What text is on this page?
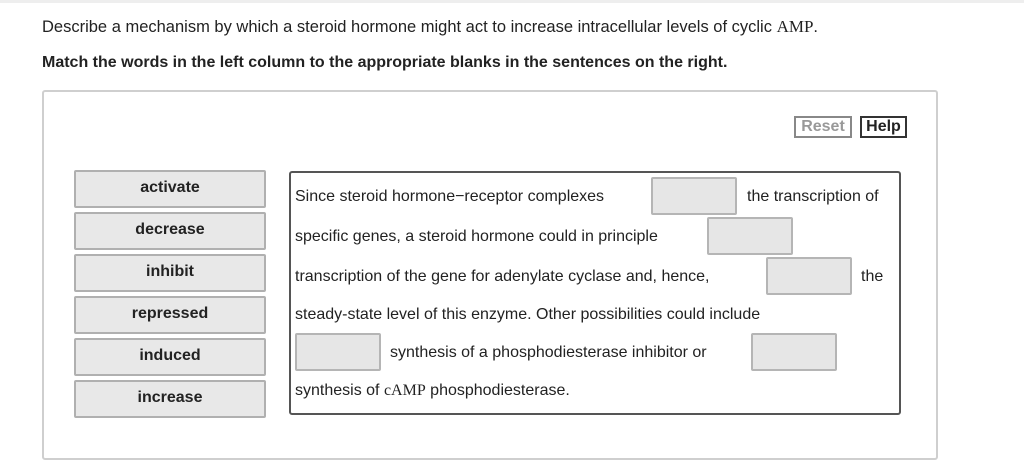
Describe a mechanism by which a steroid hormone might act to increase intracellular levels of cyclic AMP.
Match the words in the left column to the appropriate blanks in the sentences on the right.
Reset	Help
activate
decrease
inhibit
repressed
induced
increase
Since steroid hormone−receptor complexes	the transcription of
specific genes, a steroid hormone could in principle
transcription of the gene for adenylate cyclase and, hence,	the
steady-state level of this enzyme. Other possibilities could include
synthesis of a phosphodiesterase inhibitor or
synthesis of cAMP phosphodiesterase.
